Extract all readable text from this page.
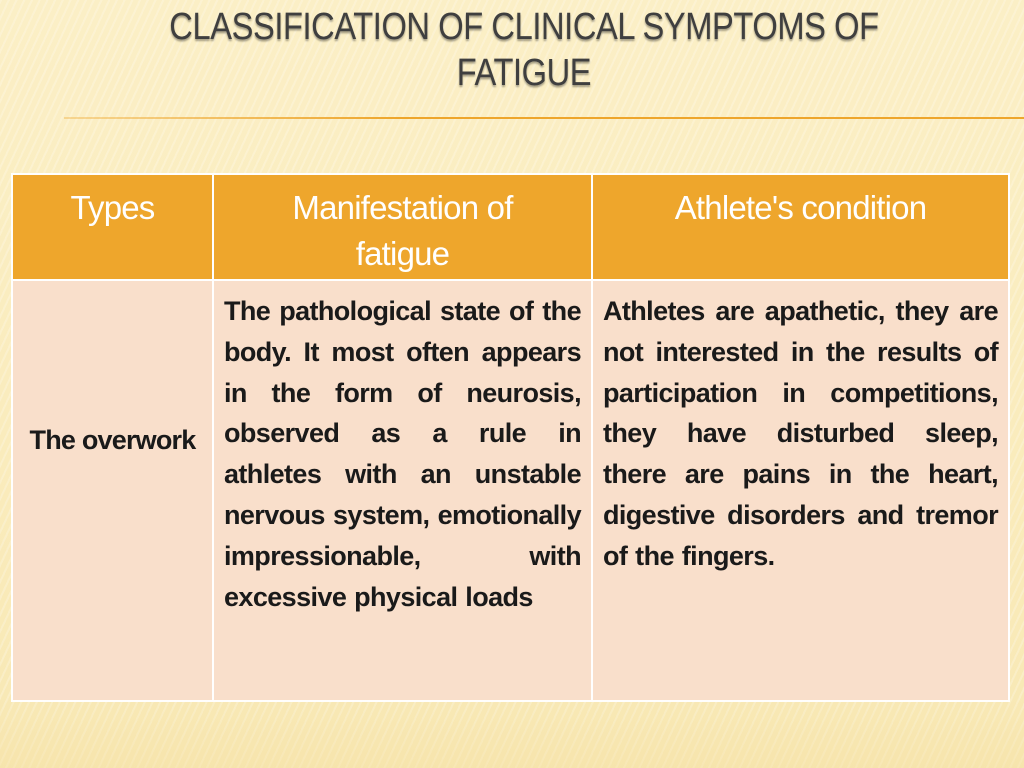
CLASSIFICATION OF CLINICAL SYMPTOMS OF FATIGUE
Types	Manifestation of fatigue	Athlete's condition
The overwork	The pathological state of the body. It most often appears in the form of neurosis, observed as a rule in athletes with an unstable nervous system, emotionally impressionable, with excessive physical loads	Athletes are apathetic, they are not interested in the results of participation in competitions, they have disturbed sleep, there are pains in the heart, digestive disorders and tremor of the fingers.
